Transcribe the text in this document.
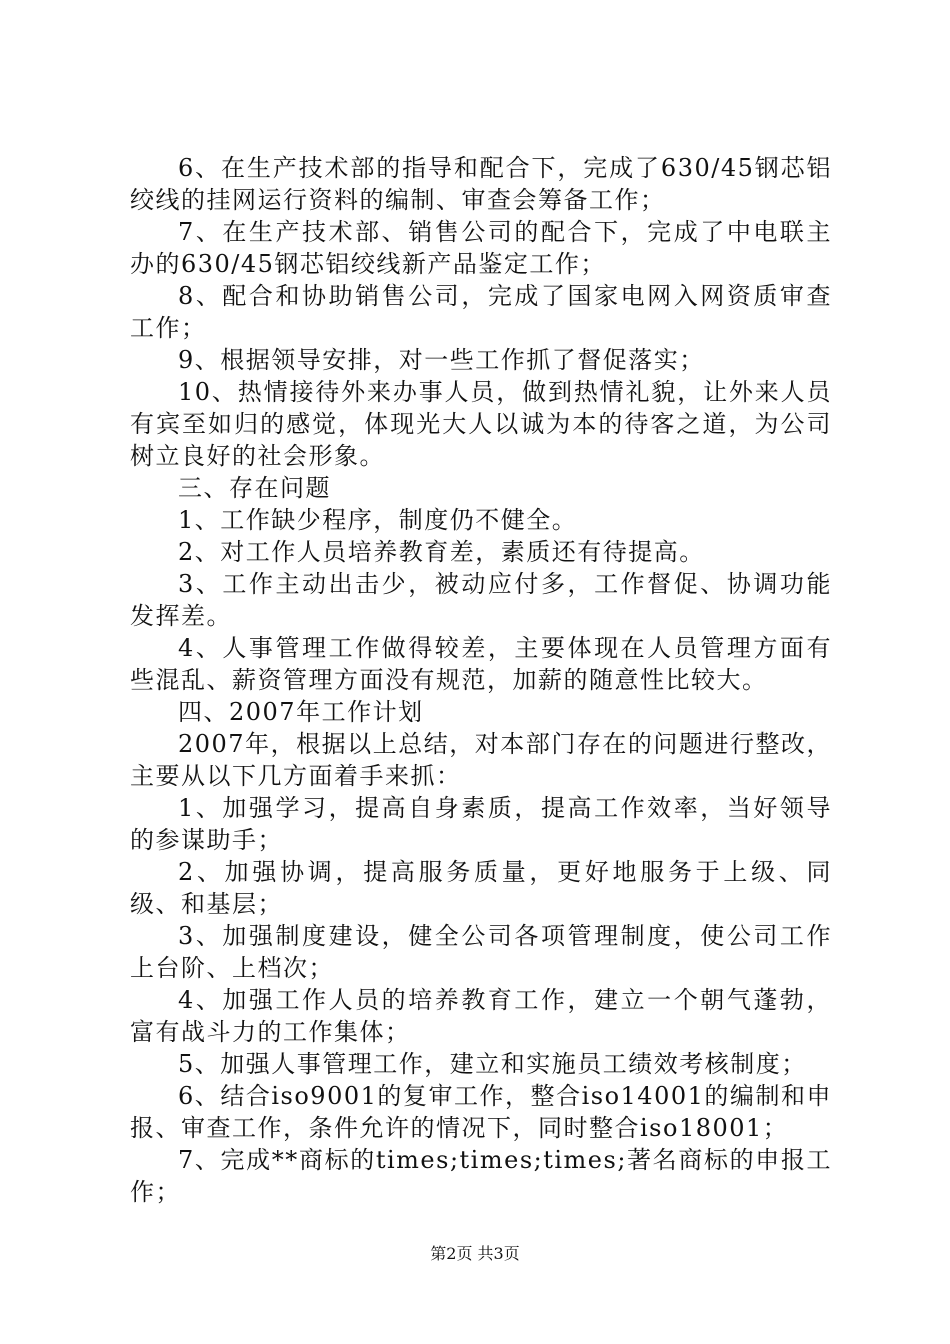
6、在生产技术部的指导和配合下，完成了630/45钢芯铝绞线的挂网运行资料的编制、审查会筹备工作；

7、在生产技术部、销售公司的配合下，完成了中电联主办的630/45钢芯铝绞线新产品鉴定工作；

8、配合和协助销售公司，完成了国家电网入网资质审查工作；

9、根据领导安排，对一些工作抓了督促落实；

10、热情接待外来办事人员，做到热情礼貌，让外来人员有宾至如归的感觉，体现光大人以诚为本的待客之道，为公司树立良好的社会形象。

三、存在问题

1、工作缺少程序，制度仍不健全。

2、对工作人员培养教育差，素质还有待提高。

3、工作主动出击少，被动应付多，工作督促、协调功能发挥差。

4、人事管理工作做得较差，主要体现在人员管理方面有些混乱、薪资管理方面没有规范，加薪的随意性比较大。

四、2007年工作计划

2007年，根据以上总结，对本部门存在的问题进行整改，主要从以下几方面着手来抓：

1、加强学习，提高自身素质，提高工作效率，当好领导的参谋助手；

2、加强协调，提高服务质量，更好地服务于上级、同级、和基层；

3、加强制度建设，健全公司各项管理制度，使公司工作上台阶、上档次；

4、加强工作人员的培养教育工作，建立一个朝气蓬勃，富有战斗力的工作集体；

5、加强人事管理工作，建立和实施员工绩效考核制度；

6、结合iso9001的复审工作，整合iso14001的编制和申报、审查工作，条件允许的情况下，同时整合iso18001；

7、完成**商标的times;times;times;著名商标的申报工作；

第2页 共3页
